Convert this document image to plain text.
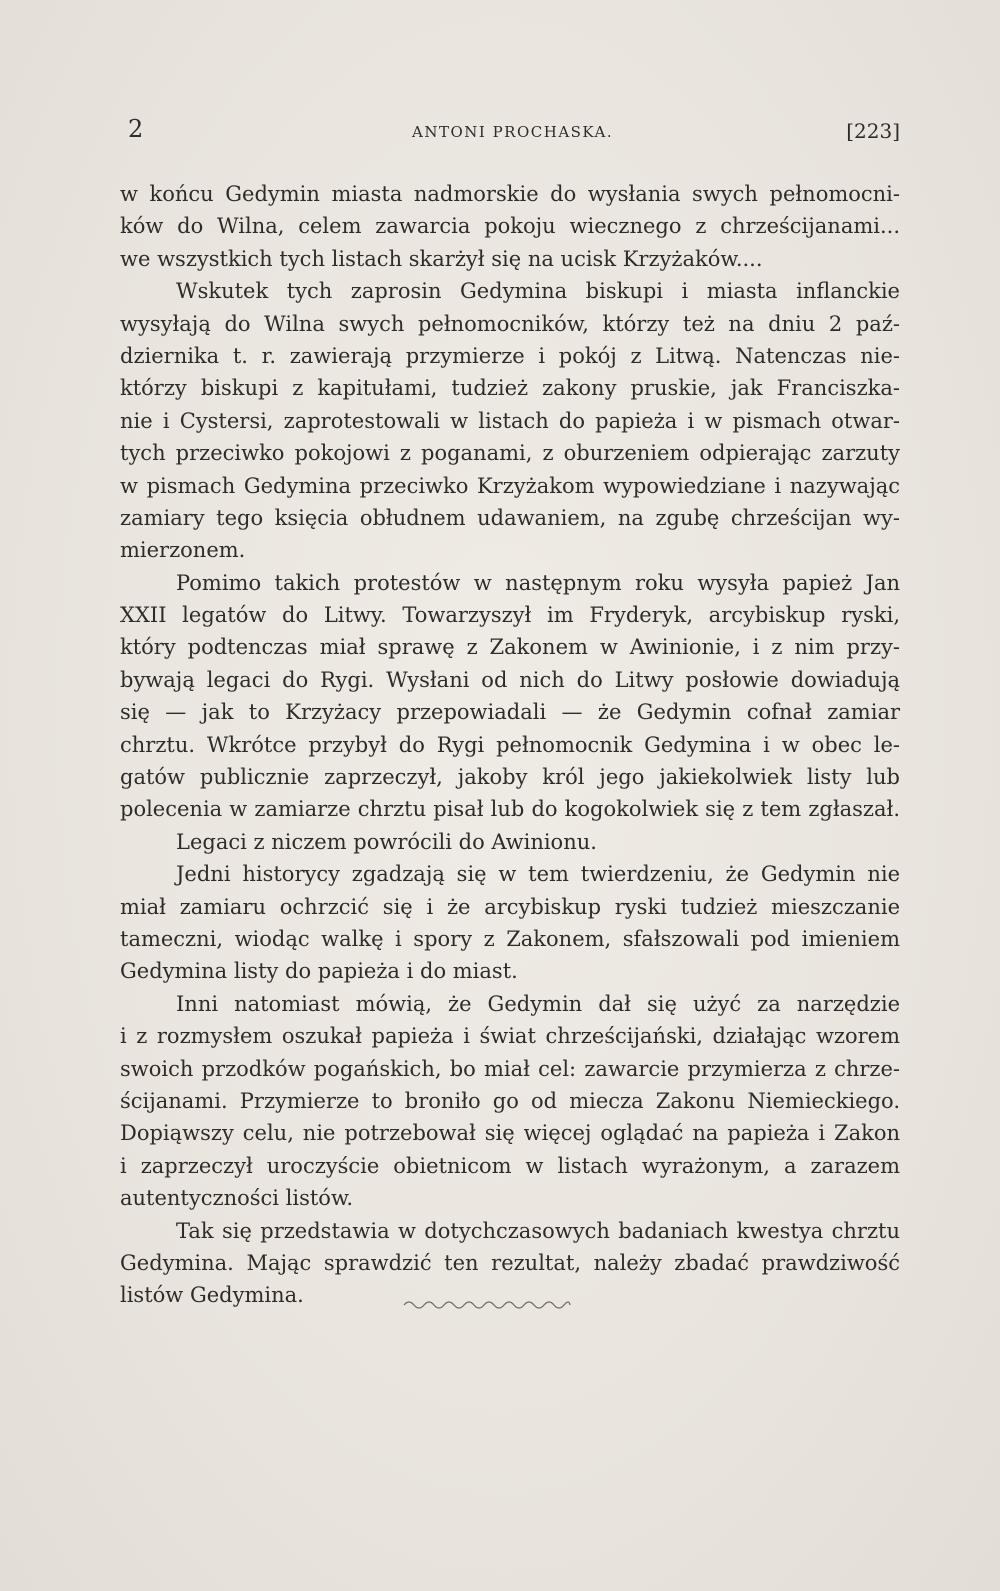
2	ANTONI PROCHASKA.	[223]
w końcu Gedymin miasta nadmorskie do wysłania swych pełnomocni-
ków do Wilna, celem zawarcia pokoju wiecznego z chrześcijanami...
we wszystkich tych listach skarżył się na ucisk Krzyżaków....
Wskutek tych zaprosin Gedymina biskupi i miasta inflanckie
wysyłają do Wilna swych pełnomocników, którzy też na dniu 2 paź-
dziernika t. r. zawierają przymierze i pokój z Litwą. Natenczas nie-
którzy biskupi z kapitułami, tudzież zakony pruskie, jak Franciszka-
nie i Cystersi, zaprotestowali w listach do papieża i w pismach otwar-
tych przeciwko pokojowi z poganami, z oburzeniem odpierając zarzuty
w pismach Gedymina przeciwko Krzyżakom wypowiedziane i nazywając
zamiary tego księcia obłudnem udawaniem, na zgubę chrześcijan wy-
mierzonem.
Pomimo takich protestów w następnym roku wysyła papież Jan
XXII legatów do Litwy. Towarzyszył im Fryderyk, arcybiskup ryski,
który podtenczas miał sprawę z Zakonem w Awinionie, i z nim przy-
bywają legaci do Rygi. Wysłani od nich do Litwy posłowie dowiadują
się — jak to Krzyżacy przepowiadali — że Gedymin cofnał zamiar
chrztu. Wkrótce przybył do Rygi pełnomocnik Gedymina i w obec le-
gatów publicznie zaprzeczył, jakoby król jego jakiekolwiek listy lub
polecenia w zamiarze chrztu pisał lub do kogokolwiek się z tem zgłaszał.
Legaci z niczem powrócili do Awinionu.
Jedni historycy zgadzają się w tem twierdzeniu, że Gedymin nie
miał zamiaru ochrzcić się i że arcybiskup ryski tudzież mieszczanie
tameczni, wiodąc walkę i spory z Zakonem, sfałszowali pod imieniem
Gedymina listy do papieża i do miast.
Inni natomiast mówią, że Gedymin dał się użyć za narzędzie
i z rozmysłem oszukał papieża i świat chrześcijański, działając wzorem
swoich przodków pogańskich, bo miał cel: zawarcie przymierza z chrze-
ścijanami. Przymierze to broniło go od miecza Zakonu Niemieckiego.
Dopiąwszy celu, nie potrzebował się więcej oglądać na papieża i Zakon
i zaprzeczył uroczyście obietnicom w listach wyrażonym, a zarazem
autentyczności listów.
Tak się przedstawia w dotychczasowych badaniach kwestya chrztu
Gedymina. Mając sprawdzić ten rezultat, należy zbadać prawdziwość
listów Gedymina.
